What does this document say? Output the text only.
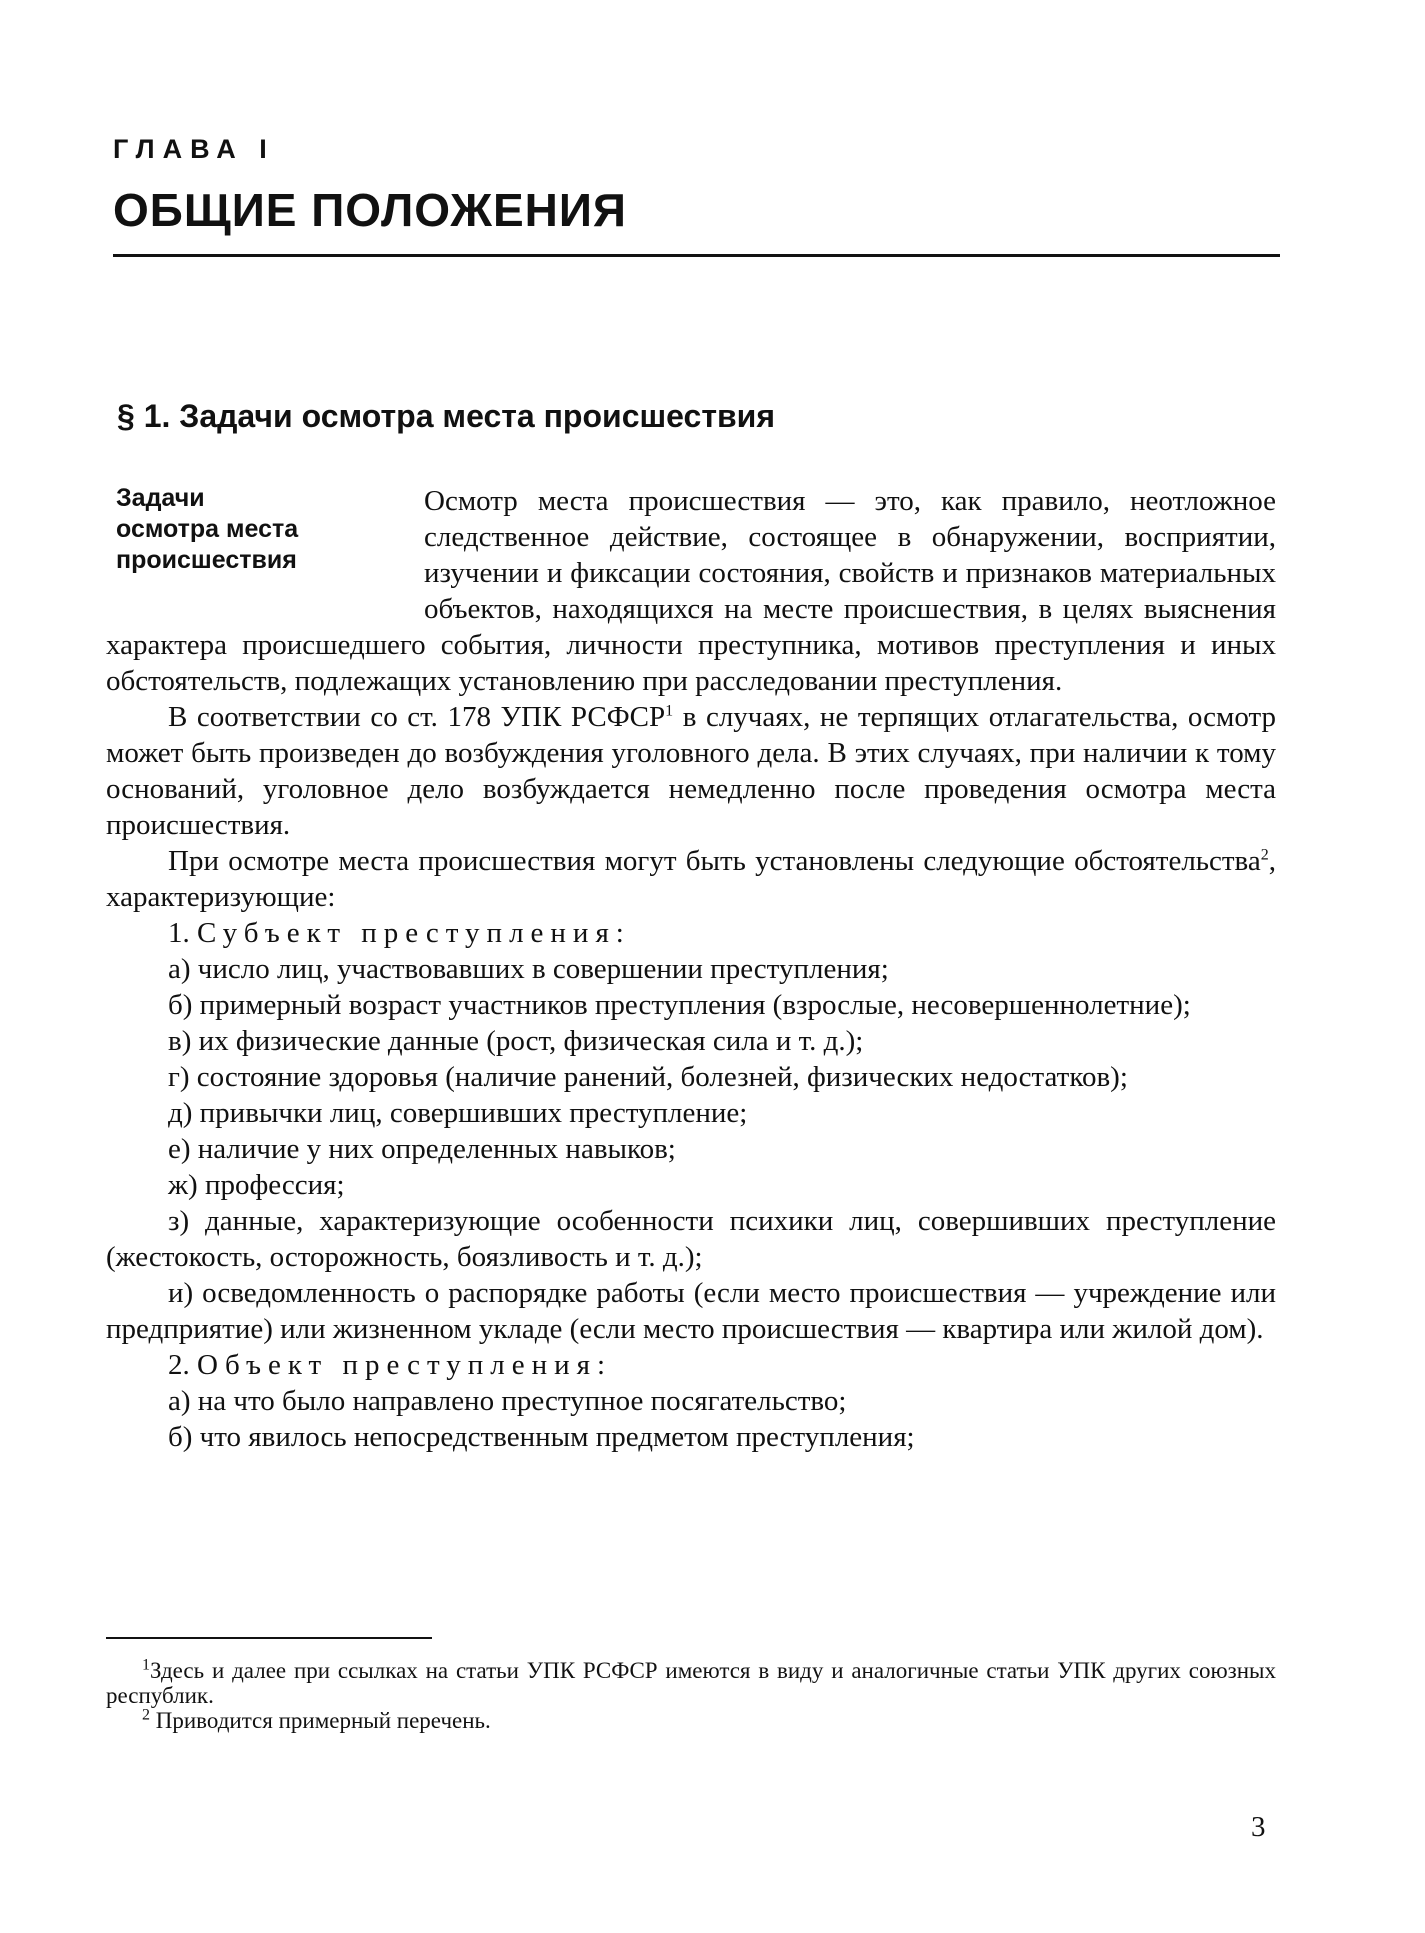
ГЛАВА I
ОБЩИЕ ПОЛОЖЕНИЯ
§ 1. Задачи осмотра места происшествия
Задачи
осмотра места
происшествия

Осмотр места происшествия — это, как правило, неотложное следственное действие, состоящее в обнаружении, восприятии, изучении и фиксации состояния, свойств и признаков материальных объектов, находящихся на месте происшествия, в целях выяснения характера происшедшего события, личности преступника, мотивов преступления и иных обстоятельств, подлежащих установлению при расследовании преступления.

В соответствии со ст. 178 УПК РСФСР$^1$ в случаях, не терпящих отлагательства, осмотр может быть произведен до возбуждения уголовного дела. В этих случаях, при наличии к тому оснований, уголовное дело возбуждается немедленно после проведения осмотра места происшествия.

При осмотре места происшествия могут быть установлены следующие обстоятельства$^2$, характеризующие:

1. Субъект преступления:

а) число лиц, участвовавших в совершении преступления;

б) примерный возраст участников преступления (взрослые, несовершеннолетние);

в) их физические данные (рост, физическая сила и т. д.);

г) состояние здоровья (наличие ранений, болезней, физических недостатков);

д) привычки лиц, совершивших преступление;

е) наличие у них определенных навыков;

ж) профессия;

з) данные, характеризующие особенности психики лиц, совершивших преступление (жестокость, осторожность, боязливость и т. д.);

и) осведомленность о распорядке работы (если место происшествия — учреждение или предприятие) или жизненном укладе (если место происшествия — квартира или жилой дом).

2. Объект преступления:

а) на что было направлено преступное посягательство;

б) что явилось непосредственным предметом преступления;

$^1$Здесь и далее при ссылках на статьи УПК РСФСР имеются в виду и аналогичные статьи УПК других союзных республик.

$^2$ Приводится примерный перечень.

3
